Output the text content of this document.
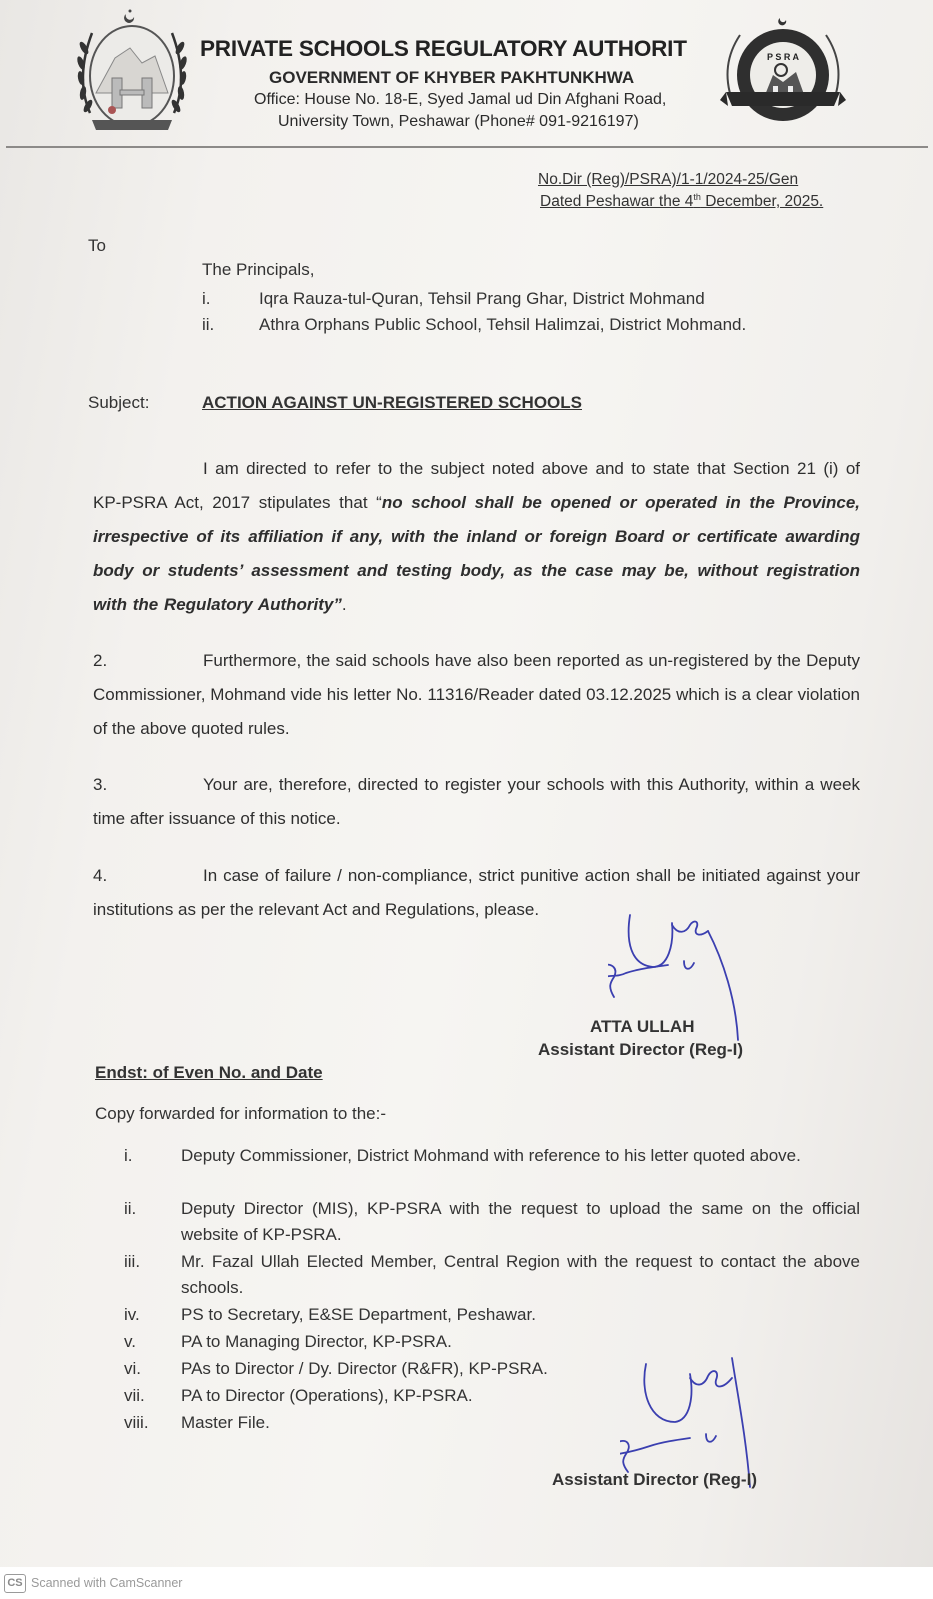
PRIVATE SCHOOLS REGULATORY AUTHORIT
GOVERNMENT OF KHYBER PAKHTUNKHWA
Office: House No. 18-E, Syed Jamal ud Din Afghani Road,
University Town, Peshawar (Phone# 091-9216197)
P S R A
No.Dir (Reg)/PSRA)/1-1/2024-25/Gen
Dated Peshawar the 4th December, 2025.
To
The Principals,
i.	Iqra Rauza-tul-Quran, Tehsil Prang Ghar, District Mohmand
ii.	Athra Orphans Public School, Tehsil Halimzai, District Mohmand.
Subject:	ACTION AGAINST UN-REGISTERED SCHOOLS
I am directed to refer to the subject noted above and to state that Section 21 (i) of KP-PSRA Act, 2017 stipulates that “no school shall be opened or operated in the Province, irrespective of its affiliation if any, with the inland or foreign Board or certificate awarding body or students’ assessment and testing body, as the case may be, without registration with the Regulatory Authority”.
2.	Furthermore, the said schools have also been reported as un-registered by the Deputy Commissioner, Mohmand vide his letter No. 11316/Reader dated 03.12.2025 which is a clear violation of the above quoted rules.
3.	Your are, therefore, directed to register your schools with this Authority, within a week time after issuance of this notice.
4.	In case of failure / non-compliance, strict punitive action shall be initiated against your institutions as per the relevant Act and Regulations, please.
ATTA ULLAH
Assistant Director (Reg-I)
Endst: of Even No. and Date
Copy forwarded for information to the:-
i.	Deputy Commissioner, District Mohmand with reference to his letter quoted above.
ii.	Deputy Director (MIS), KP-PSRA with the request to upload the same on the official website of KP-PSRA.
iii. Mr. Fazal Ullah Elected Member, Central Region with the request to contact the above schools.
iv. PS to Secretary, E&SE Department, Peshawar.
v.	PA to Managing Director, KP-PSRA.
vi. PAs to Director / Dy. Director (R&FR), KP-PSRA.
vii. PA to Director (Operations), KP-PSRA.
viii. Master File.
Assistant Director (Reg-I)
CS Scanned with CamScanner
